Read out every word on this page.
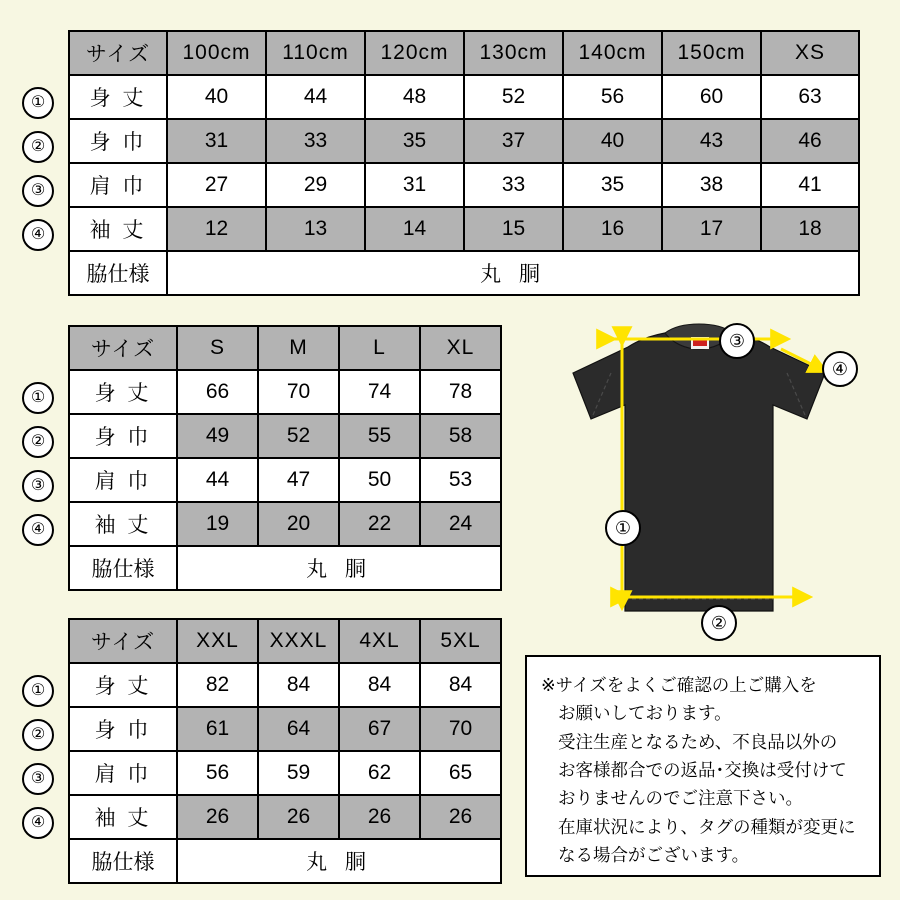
①
②
③
④
サイズ	100cm	110cm	120cm	130cm	140cm	150cm	XS
身 丈	40	44	48	52	56	60	63
身 巾	31	33	35	37	40	43	46
肩 巾	27	29	31	33	35	38	41
袖 丈	12	13	14	15	16	17	18
脇仕様	丸 胴						
①
②
③
④
サイズ	S	M	L	XL
身 丈	66	70	74	78
身 巾	49	52	55	58
肩 巾	44	47	50	53
袖 丈	19	20	22	24
脇仕様	丸 胴			
①
②
③
④
サイズ	XXL	XXXL	4XL	5XL
身 丈	82	84	84	84
身 巾	61	64	67	70
肩 巾	56	59	62	65
袖 丈	26	26	26	26
脇仕様	丸 胴			
③
④
①
②

※サイズをよくご確認の上ご購入を

お願いしております。

受注生産となるため、不良品以外の

お客様都合での返品･交換は受付けて

おりませんのでご注意下さい。

在庫状況により、タグの種類が変更に

なる場合がございます。
